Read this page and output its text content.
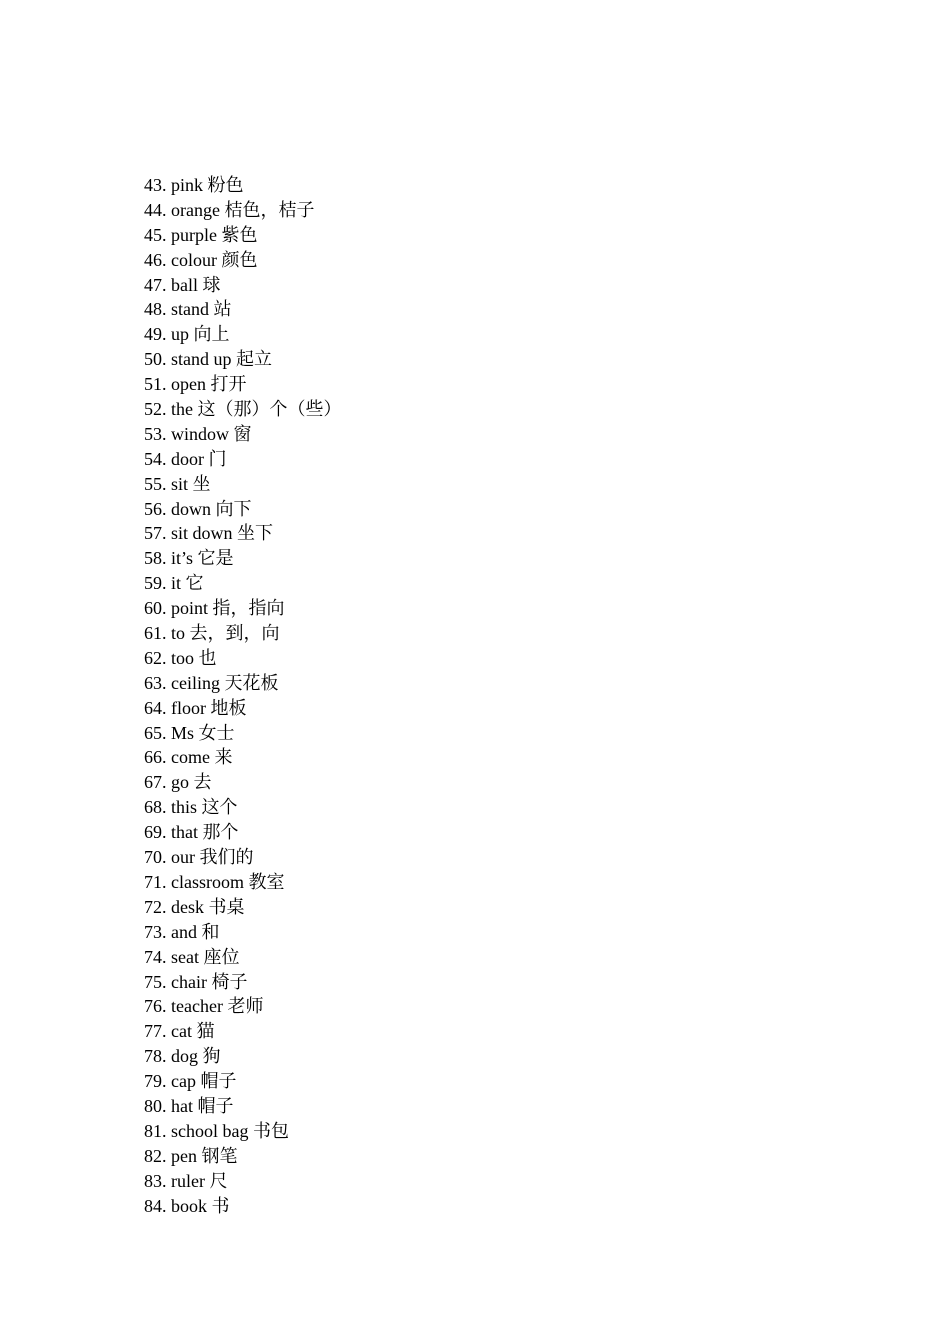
43. pink 粉色
44. orange 桔色，桔子
45. purple 紫色
46. colour 颜色
47. ball 球
48. stand 站
49. up 向上
50. stand up 起立
51. open 打开
52. the 这（那）个（些）
53. window 窗
54. door 门
55. sit 坐
56. down 向下
57. sit down 坐下
58. it’s 它是
59. it 它
60. point 指，指向
61. to 去，到，向
62. too 也
63. ceiling 天花板
64. floor 地板
65. Ms 女士
66. come 来
67. go 去
68. this 这个
69. that 那个
70. our 我们的
71. classroom 教室
72. desk 书桌
73. and 和
74. seat 座位
75. chair 椅子
76. teacher 老师
77. cat 猫
78. dog 狗
79. cap 帽子
80. hat 帽子
81. school bag 书包
82. pen 钢笔
83. ruler 尺
84. book 书
